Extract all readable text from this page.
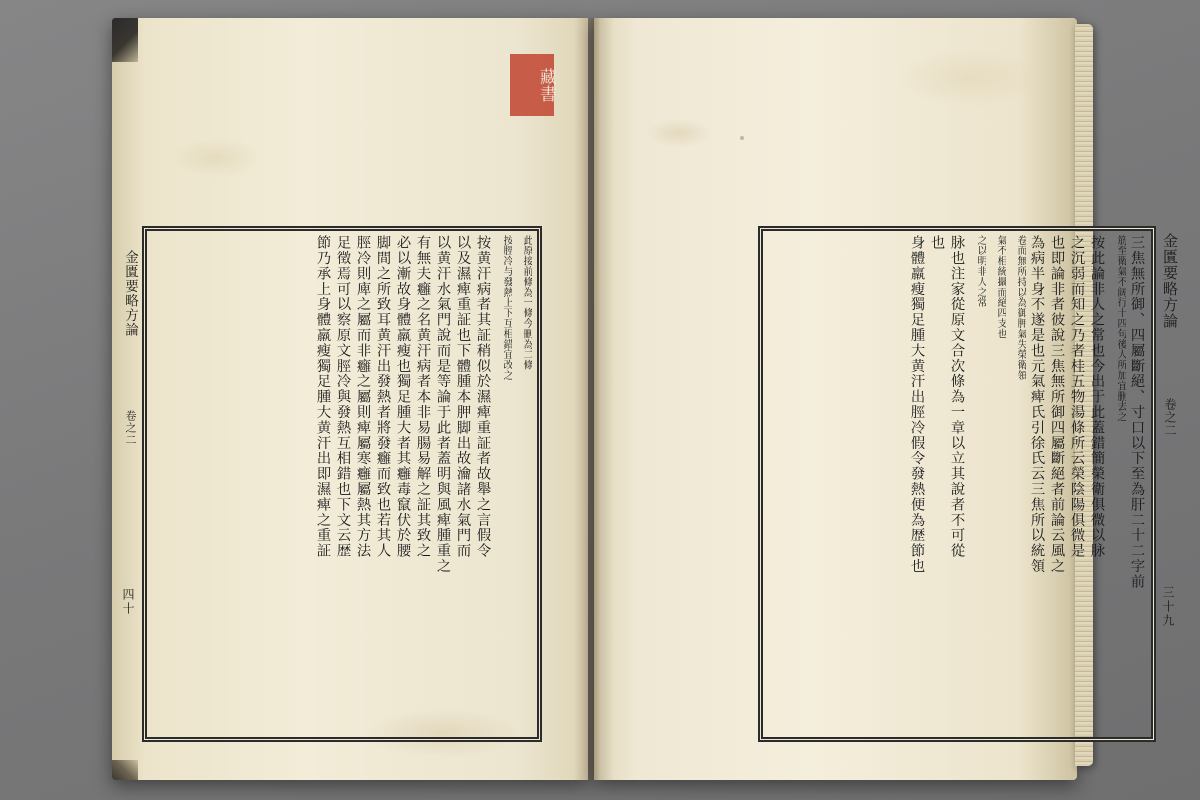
金匱要略方論
卷之二
四十
此原接前條為一條今刪為二條
按脛冷与發熱上下互相錯宜改之
按黄汗病者其証稍似於濕痺重証者故舉之言假令
以及濕痺重証也下體腫本胛脚出故瀹諸水氣門而
以黄汗水氣門說而是等論于此者蓋明與風痺腫重之
有無夫癰之名黄汗病者本非易腸易解之証其致之
必以漸故身體羸瘦也獨足腫大者其癰毒竄伏於腰
脚間之所致耳黄汗出發熱者將發癰而致也若其人
脛冷則庳之屬而非癰之屬則痺屬寒癰屬熱其方法
足徵焉可以察原文脛冷與發熱互相錯也下文云歴
節乃承上身體羸瘦獨足腫大黄汗出即濕痺之重証	金匱要略方論
卷之二
三十九
三焦無所御、四屬斷絕、寸口以下至為肝二十二字前
筋至衛氣不阔行十四句後人所加宜删去之
按此論非人之常也今出于此蓋錯簡榮衛俱微以脉
之沉弱而知之乃者桂五物湯條所云榮陰陽俱微是
也即論非者彼說三焦無所御四屬斷絕者前論云風之
為病半身不遂是也元氣痺氏引徐氏云三焦所以統領
卷而無所持以為御胛氣失榮衛領
氣不相統攝而絕四支也
之以明非人之常
脉也注家從原文合次條為一章以立其說者不可從
也
身體羸瘦獨足腫大黄汗出脛冷假令發熱便為歴節也
藏書
